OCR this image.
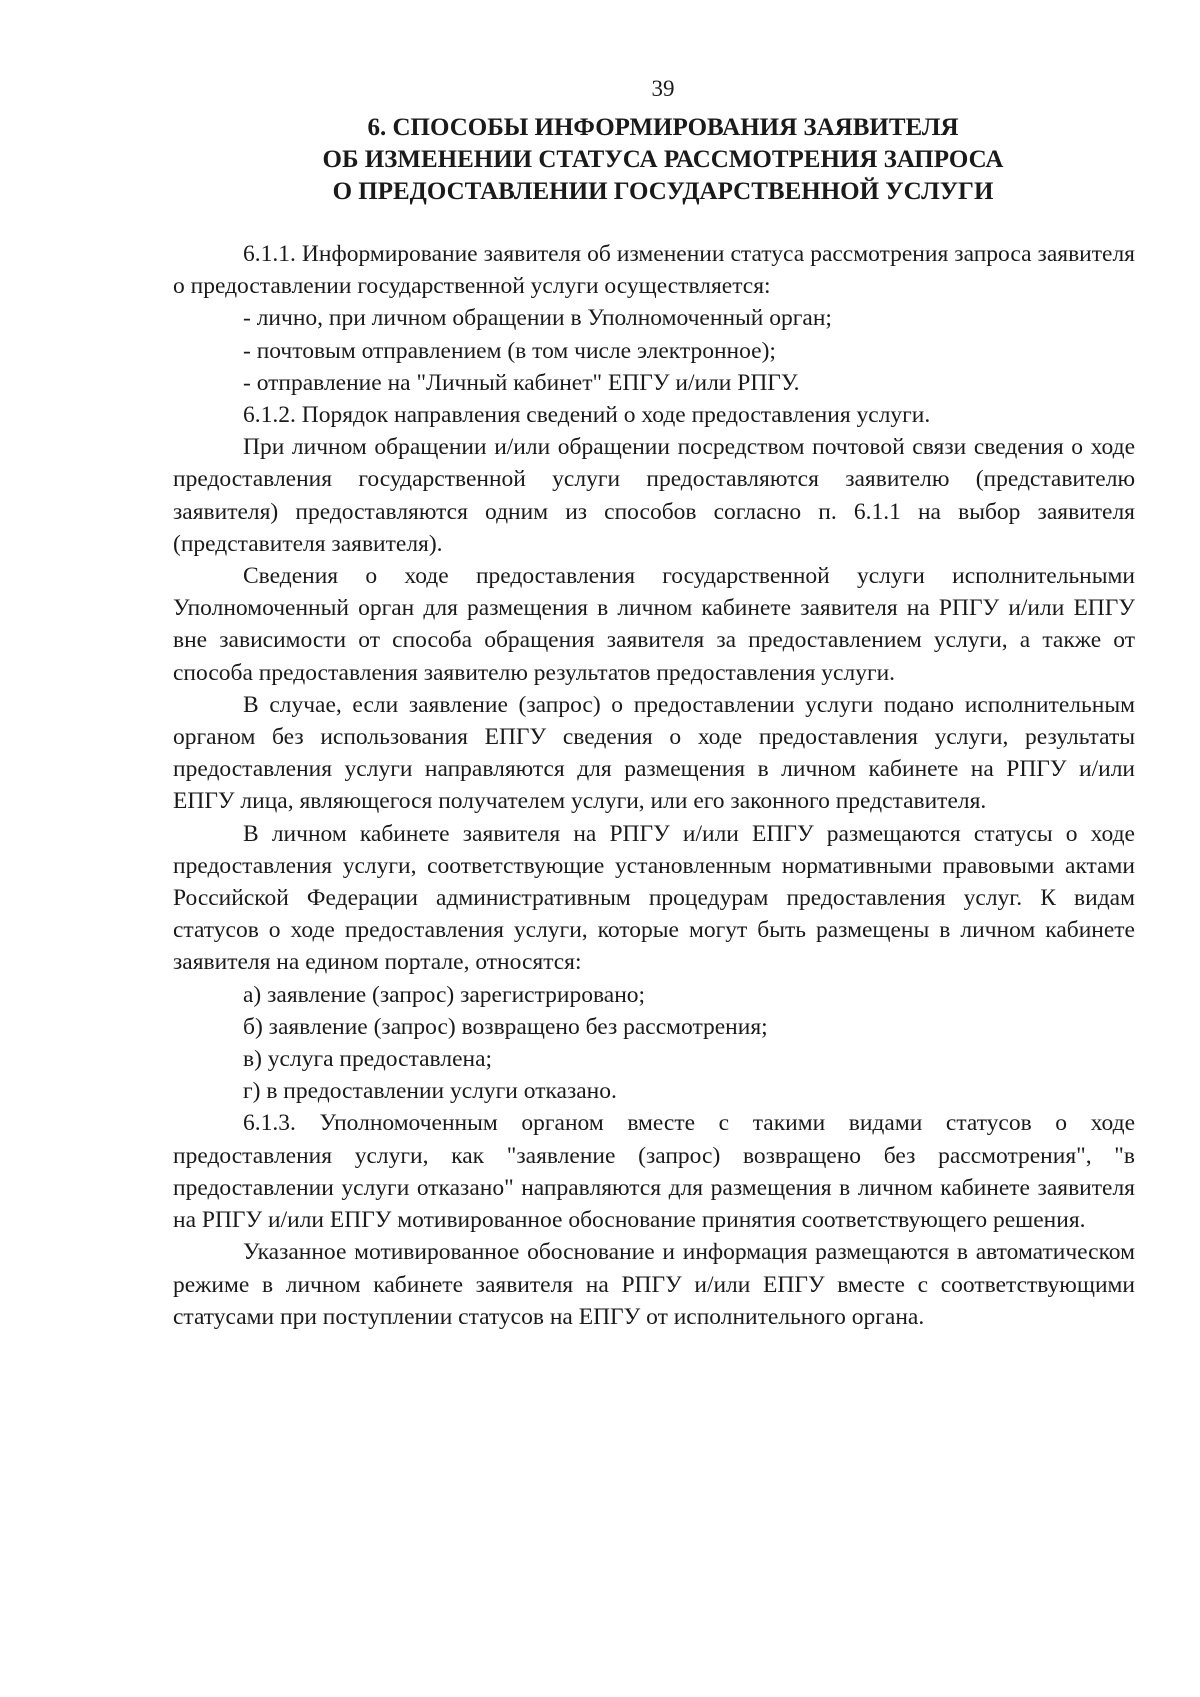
39
6. СПОСОБЫ ИНФОРМИРОВАНИЯ ЗАЯВИТЕЛЯ
ОБ ИЗМЕНЕНИИ СТАТУСА РАССМОТРЕНИЯ ЗАПРОСА
О ПРЕДОСТАВЛЕНИИ ГОСУДАРСТВЕННОЙ УСЛУГИ

6.1.1. Информирование заявителя об изменении статуса рассмотрения запроса заявителя о предоставлении государственной услуги осуществляется:

- лично, при личном обращении в Уполномоченный орган;

- почтовым отправлением (в том числе электронное);

- отправление на "Личный кабинет" ЕПГУ и/или РПГУ.

6.1.2. Порядок направления сведений о ходе предоставления услуги.

При личном обращении и/или обращении посредством почтовой связи сведения о ходе предоставления государственной услуги предоставляются заявителю (представителю заявителя) предоставляются одним из способов согласно п. 6.1.1 на выбор заявителя (представителя заявителя).

Сведения о ходе предоставления государственной услуги исполнительными Уполномоченный орган для размещения в личном кабинете заявителя на РПГУ и/или ЕПГУ вне зависимости от способа обращения заявителя за предоставлением услуги, а также от способа предоставления заявителю результатов предоставления услуги.

В случае, если заявление (запрос) о предоставлении услуги подано исполнительным органом без использования ЕПГУ сведения о ходе предоставления услуги, результаты предоставления услуги направляются для размещения в личном кабинете на РПГУ и/или ЕПГУ лица, являющегося получателем услуги, или его законного представителя.

В личном кабинете заявителя на РПГУ и/или ЕПГУ размещаются статусы о ходе предоставления услуги, соответствующие установленным нормативными правовыми актами Российской Федерации административным процедурам предоставления услуг. К видам статусов о ходе предоставления услуги, которые могут быть размещены в личном кабинете заявителя на едином портале, относятся:

а) заявление (запрос) зарегистрировано;

б) заявление (запрос) возвращено без рассмотрения;

в) услуга предоставлена;

г) в предоставлении услуги отказано.

6.1.3. Уполномоченным органом вместе с такими видами статусов о ходе предоставления услуги, как "заявление (запрос) возвращено без рассмотрения", "в предоставлении услуги отказано" направляются для размещения в личном кабинете заявителя на РПГУ и/или ЕПГУ мотивированное обоснование принятия соответствующего решения.

Указанное мотивированное обоснование и информация размещаются в автоматическом режиме в личном кабинете заявителя на РПГУ и/или ЕПГУ вместе с соответствующими статусами при поступлении статусов на ЕПГУ от исполнительного органа.
